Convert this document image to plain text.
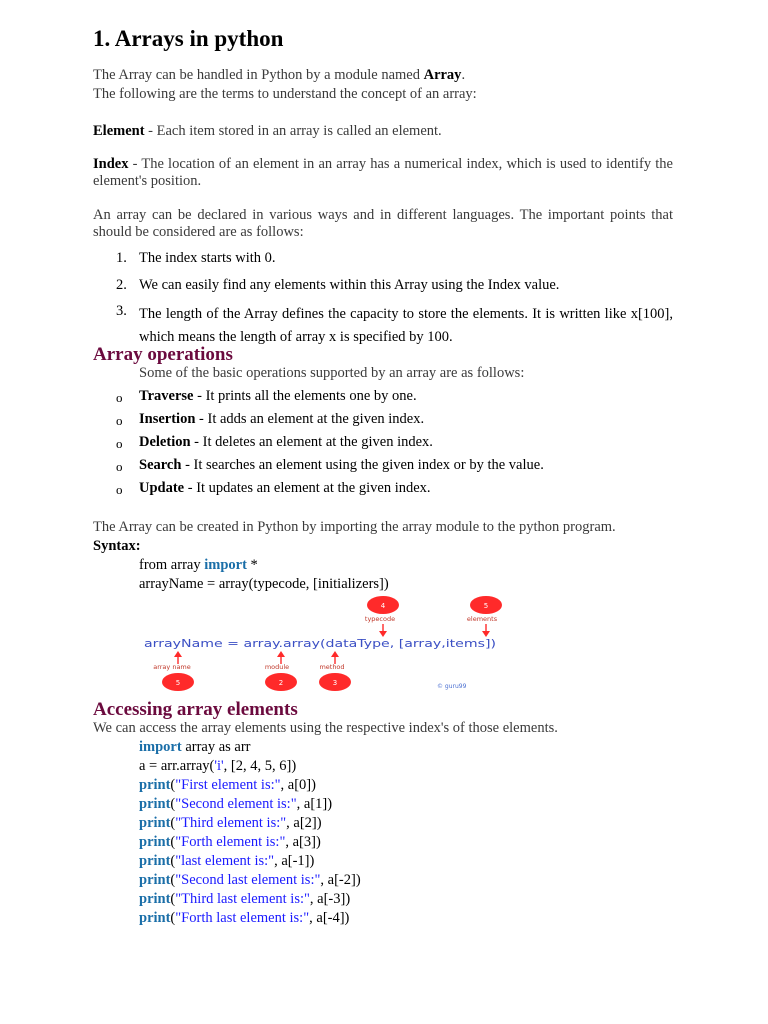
1. Arrays in python
The Array can be handled in Python by a module named Array.
The following are the terms to understand the concept of an array:
Element - Each item stored in an array is called an element.
Index - The location of an element in an array has a numerical index, which is used to identify the element's position.
An array can be declared in various ways and in different languages. The important points that should be considered are as follows:
1. The index starts with 0.
2. We can easily find any elements within this Array using the Index value.
3. The length of the Array defines the capacity to store the elements. It is written like x[100], which means the length of array x is specified by 100.
Array operations
Some of the basic operations supported by an array are as follows:
o Traverse - It prints all the elements one by one.
o Insertion - It adds an element at the given index.
o Deletion - It deletes an element at the given index.
o Search - It searches an element using the given index or by the value.
o Update - It updates an element at the given index.
The Array can be created in Python by importing the array module to the python program.
Syntax:
from array import *
arrayName = array(typecode, [initializers])
4
typecode
5
elements
arrayName = array.array(dataType, [array,items])
array name
5
module
2
method
3	© guru99
Accessing array elements
We can access the array elements using the respective index's of those elements.
import array as arr
a = arr.array('i', [2, 4, 5, 6])
print("First element is:", a[0])
print("Second element is:", a[1])
print("Third element is:", a[2])
print("Forth element is:", a[3])
print("last element is:", a[-1])
print("Second last element is:", a[-2])
print("Third last element is:", a[-3])
print("Forth last element is:", a[-4])
